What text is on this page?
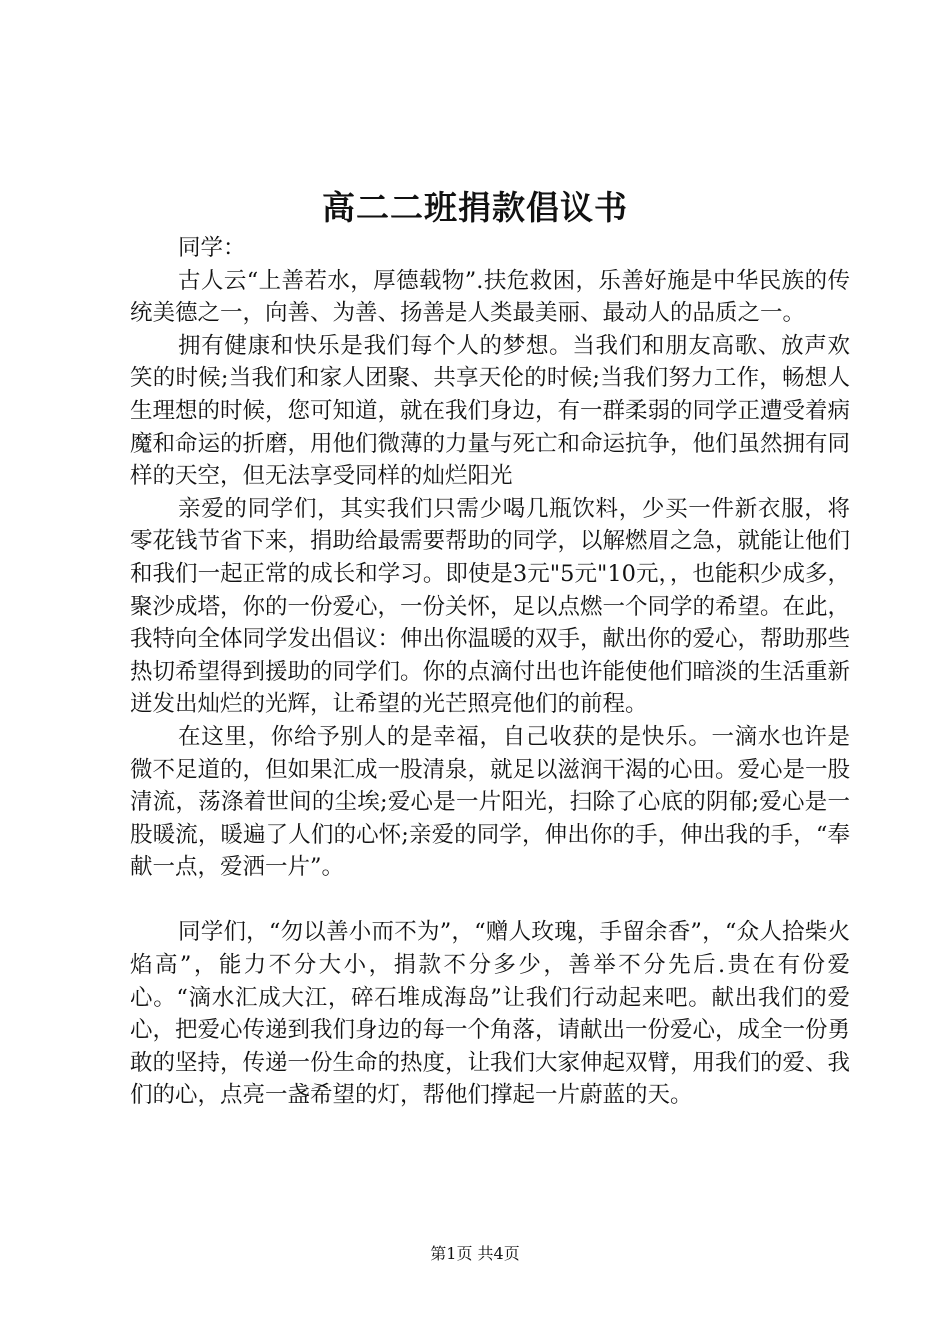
高二二班捐款倡议书

同学：

古人云“上善若水，厚德载物”.扶危救困，乐善好施是中华民族的传统美德之一，向善、为善、扬善是人类最美丽、最动人的品质之一。

拥有健康和快乐是我们每个人的梦想。当我们和朋友高歌、放声欢笑的时候;当我们和家人团聚、共享天伦的时候;当我们努力工作，畅想人生理想的时候，您可知道，就在我们身边，有一群柔弱的同学正遭受着病魔和命运的折磨，用他们微薄的力量与死亡和命运抗争，他们虽然拥有同样的天空，但无法享受同样的灿烂阳光

亲爱的同学们，其实我们只需少喝几瓶饮料，少买一件新衣服，将零花钱节省下来，捐助给最需要帮助的同学，以解燃眉之急，就能让他们和我们一起正常的成长和学习。即使是3元"5元"10元，，也能积少成多，聚沙成塔，你的一份爱心，一份关怀，足以点燃一个同学的希望。在此，我特向全体同学发出倡议：伸出你温暖的双手，献出你的爱心，帮助那些热切希望得到援助的同学们。你的点滴付出也许能使他们暗淡的生活重新迸发出灿烂的光辉，让希望的光芒照亮他们的前程。

在这里，你给予别人的是幸福，自己收获的是快乐。一滴水也许是微不足道的，但如果汇成一股清泉，就足以滋润干渴的心田。爱心是一股清流，荡涤着世间的尘埃;爱心是一片阳光，扫除了心底的阴郁;爱心是一股暖流，暖遍了人们的心怀;亲爱的同学，伸出你的手，伸出我的手，“奉献一点，爱洒一片”。

同学们，“勿以善小而不为”，“赠人玫瑰，手留余香”，“众人拾柴火焰高”，能力不分大小，捐款不分多少，善举不分先后.贵在有份爱心。“滴水汇成大江，碎石堆成海岛”让我们行动起来吧。献出我们的爱心，把爱心传递到我们身边的每一个角落，请献出一份爱心，成全一份勇敢的坚持，传递一份生命的热度，让我们大家伸起双臂，用我们的爱、我们的心，点亮一盏希望的灯，帮他们撑起一片蔚蓝的天。

第1页 共4页
